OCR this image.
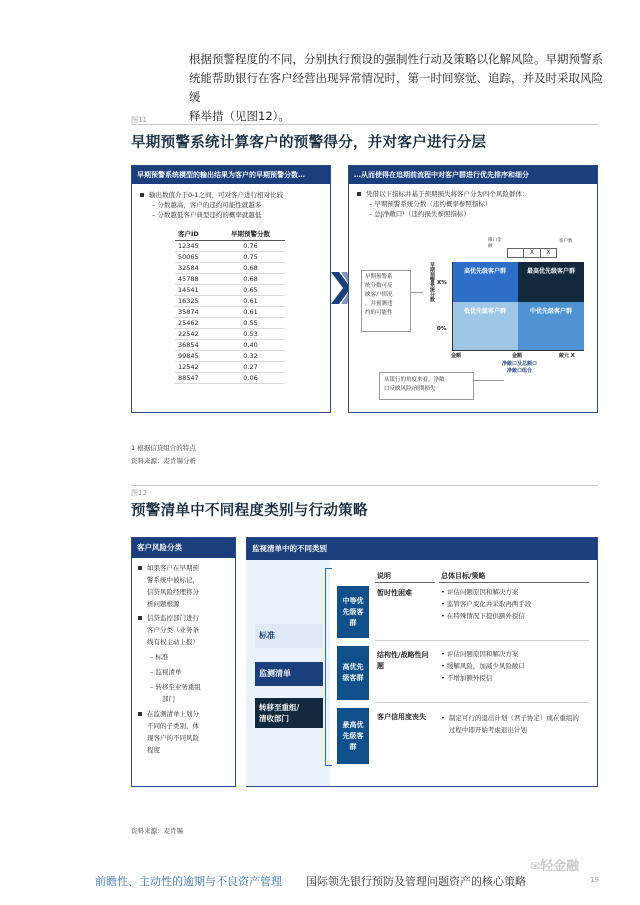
根据预警程度的不同，分别执行预设的强制性行动及策略以化解风险。早期预警系
统能帮助银行在客户经营出现异常情况时，第一时间察觉、追踪，并及时采取风险缓
释举措（见图12）。
图11
早期预警系统计算客户的预警得分，并对客户进行分层
早期预警系统模型的输出结果为客户的早期预警分数…
输出数值介于0-1之间，可对客户进行相对比较
– 分数越高，客户的违约可能性就越多
– 分数越低客户典型违约的概率就越低
客户ID	早期预警分数
12345	0.76
50065	0.75
32584	0.68
45788	0.68
14541	0.65
16325	0.61
35874	0.61
25462	0.55
22542	0.53
36854	0.40
99845	0.32
12542	0.27
88547	0.06
…从而使得在追期前流程中对客户群进行优先排序和细分
凭借以下指标并基于预期损失将客户分为四个风险群体：
– 早期预警系统分数（违约概率参照指标）
– 总J净敞口¹（违约损失参照指标）
敞口金额
客户数
X	X
早期预警系
统分数可反
映客户情况
，并预测违
约的可能性
早期预警系统分数 X%
0%
高优先级客户群	最高优先级客户群
低优先级客户群	中优先级客户群
金额	金额	敞元 X
净敞口及总额口
净敞口组合
从银行的角度来看，净敞
口反映风险/预期损失
1 根据信贷组合的特点
资料来源：麦肯锡分析
图12
预警清单中不同程度类别与行动策略
客户风险分类
如果客户在早期预
警系统中被标记，
信贷风险经理将分
析问题根源
信贷监控部门进行
客户分类（业务条
线有权主动上报）
– 标准
– 监视清单
– 转移至业务重组
部门
在监测清单上划分
不同的子类别，体
现客户的不同风险
程度
监视清单中的不同类别
标准
监测清单
转移至重组/
清收部门
说明	总体目标/策略
中等优先级客群
暂时性困难	• 评估问题原因和解决方案
• 监管客户变化并采取再两手段
• 在特殊情况下提供额外授信
高优先级客群
结构性/战略性问题
• 评估问题原因和解决方案
• 缓解风险，加减少风险敞口
• 不增加额外授信
最高优先级客群
客户信用度丧失	• 制定可行的退出计划（君子协定）或在重组的过程中即开始考虑退出计划
资料来源：麦肯锡
前瞻性、主动性的逾期与不良资产管理 国际领先银行预防及管理问题资产的核心策略	19
✉轻金融
